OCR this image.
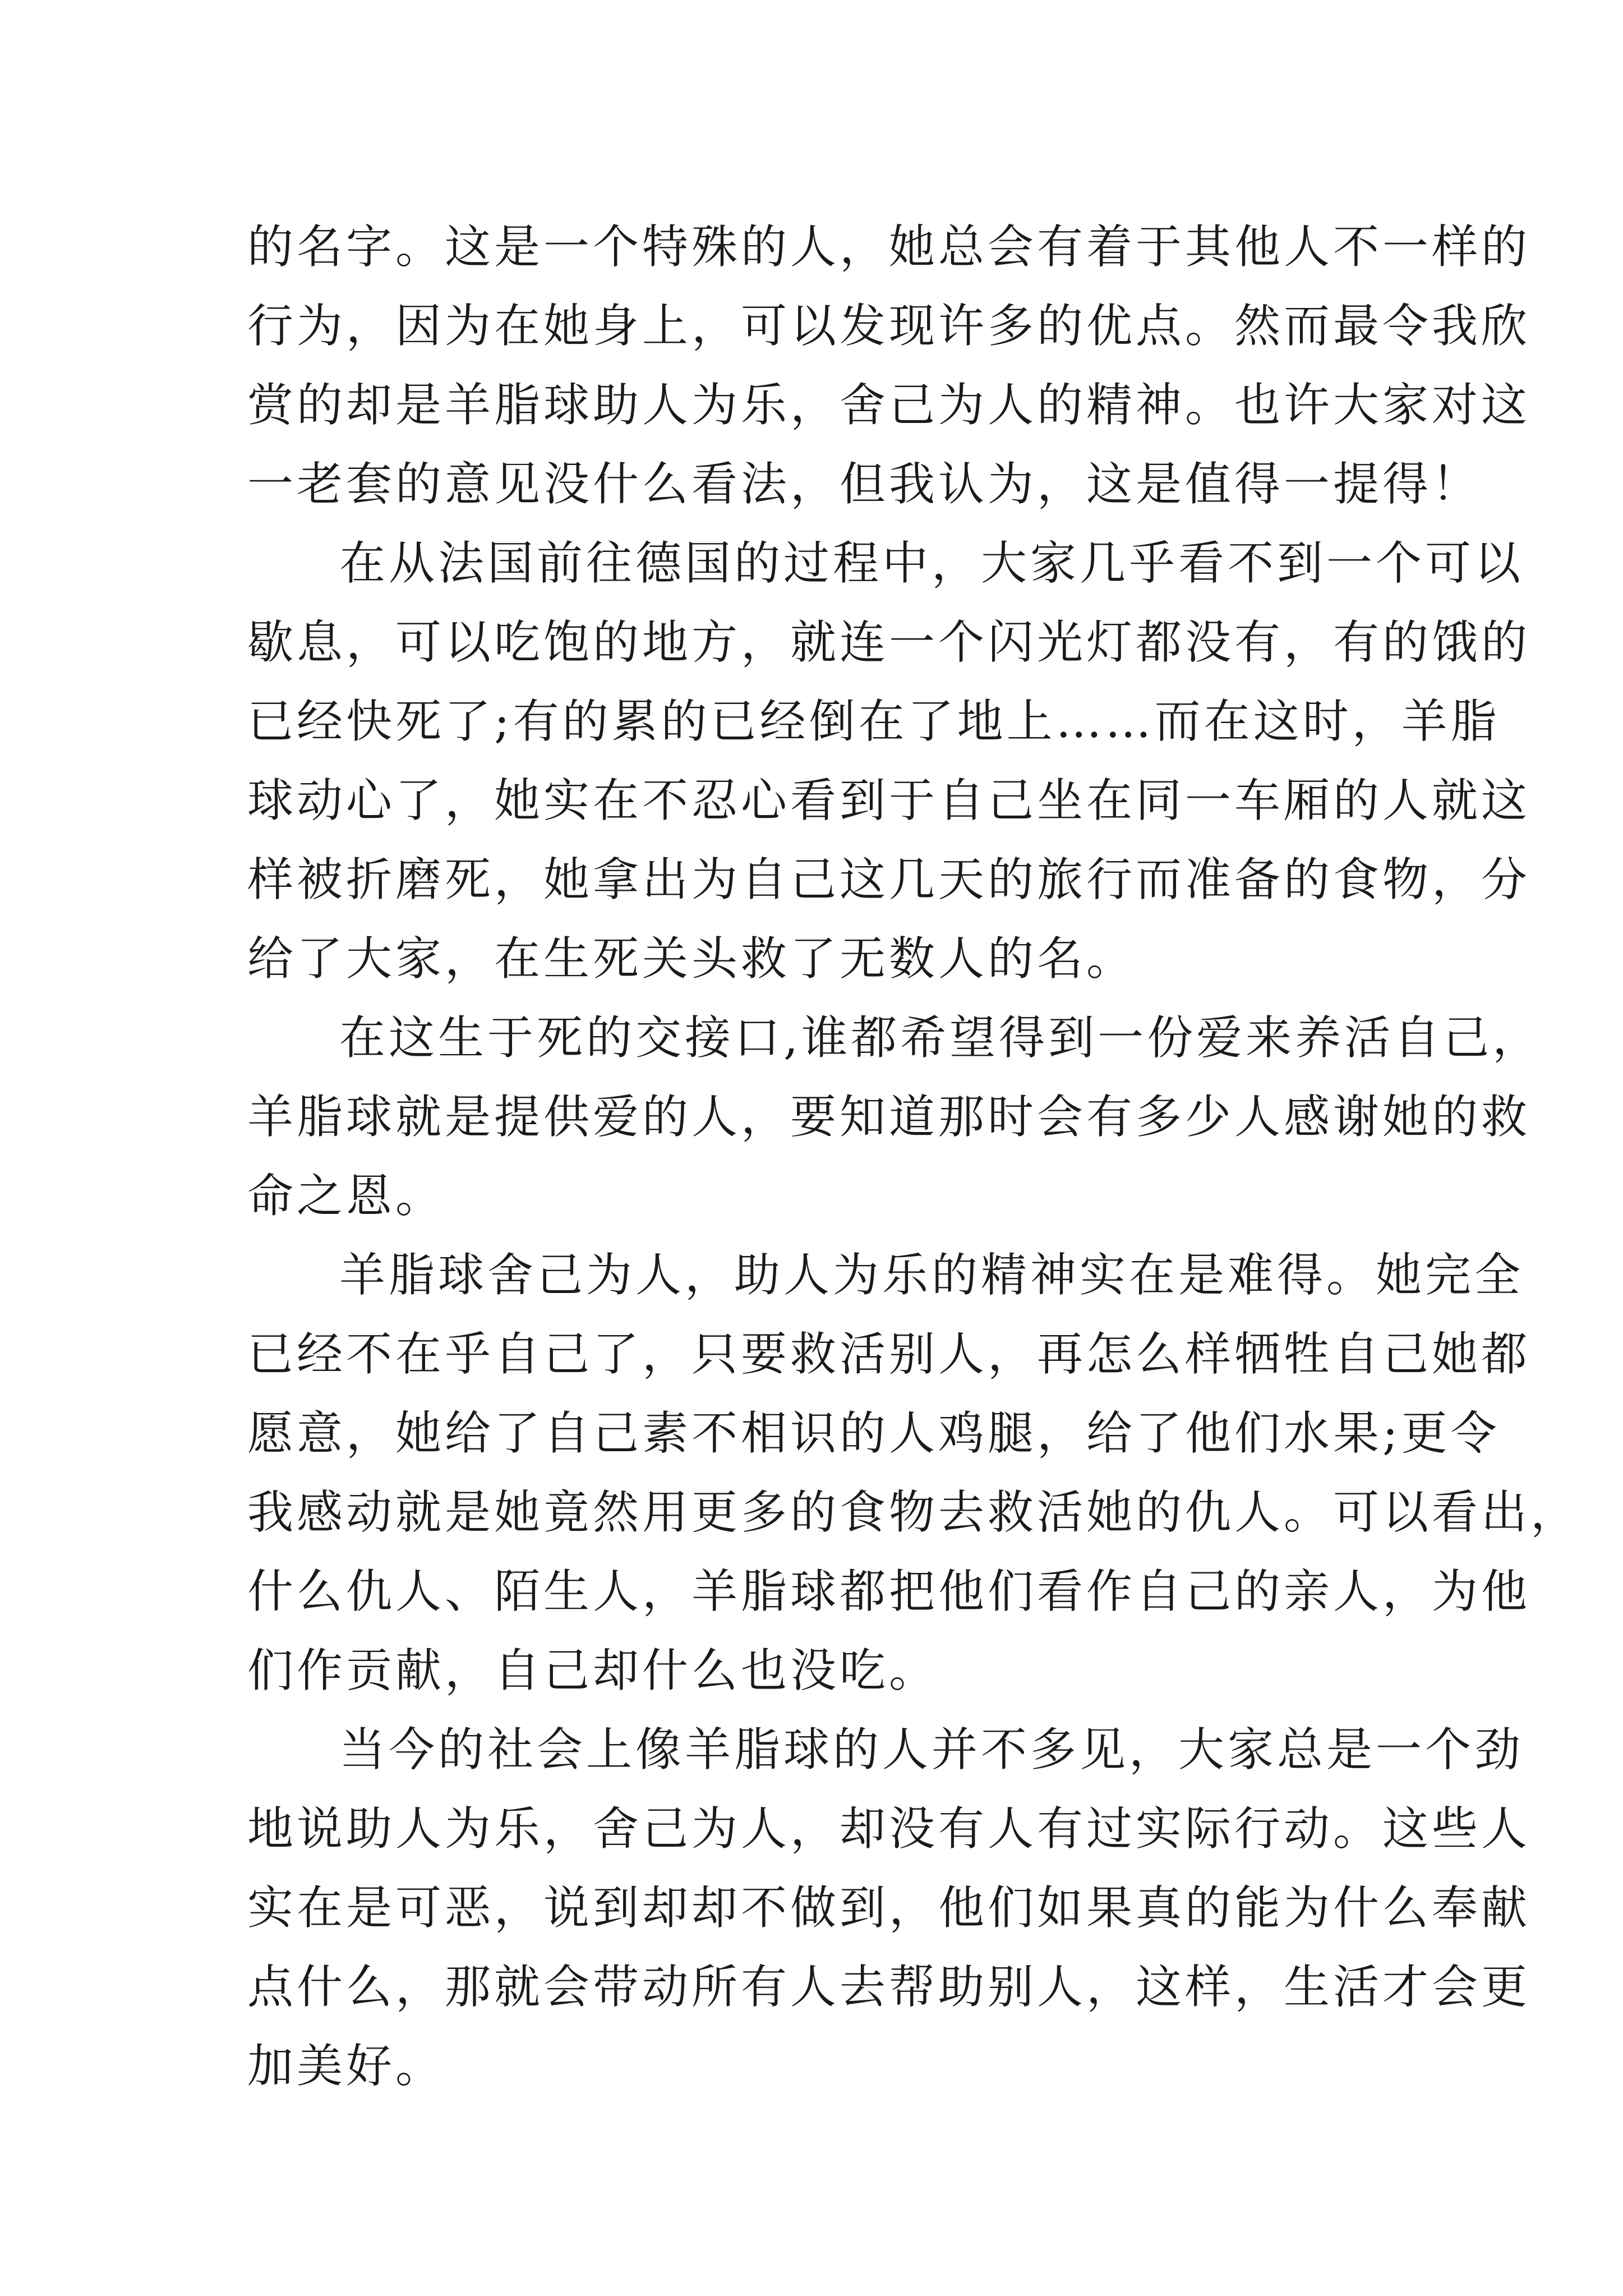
的名字。这是一个特殊的人，她总会有着于其他人不一样的
行为，因为在她身上，可以发现许多的优点。然而最令我欣
赏的却是羊脂球助人为乐，舍己为人的精神。也许大家对这
一老套的意见没什么看法，但我认为，这是值得一提得！
在从法国前往德国的过程中，大家几乎看不到一个可以
歇息，可以吃饱的地方，就连一个闪光灯都没有，有的饿的
已经快死了;有的累的已经倒在了地上……而在这时，羊脂
球动心了，她实在不忍心看到于自己坐在同一车厢的人就这
样被折磨死，她拿出为自己这几天的旅行而准备的食物，分
给了大家，在生死关头救了无数人的名。
在这生于死的交接口,谁都希望得到一份爱来养活自己，
羊脂球就是提供爱的人，要知道那时会有多少人感谢她的救
命之恩。
羊脂球舍己为人，助人为乐的精神实在是难得。她完全
已经不在乎自己了，只要救活别人，再怎么样牺牲自己她都
愿意，她给了自己素不相识的人鸡腿，给了他们水果;更令
我感动就是她竟然用更多的食物去救活她的仇人。可以看出，
什么仇人、陌生人，羊脂球都把他们看作自己的亲人，为他
们作贡献，自己却什么也没吃。
当今的社会上像羊脂球的人并不多见，大家总是一个劲
地说助人为乐，舍己为人，却没有人有过实际行动。这些人
实在是可恶，说到却却不做到，他们如果真的能为什么奉献
点什么，那就会带动所有人去帮助别人，这样，生活才会更
加美好。
